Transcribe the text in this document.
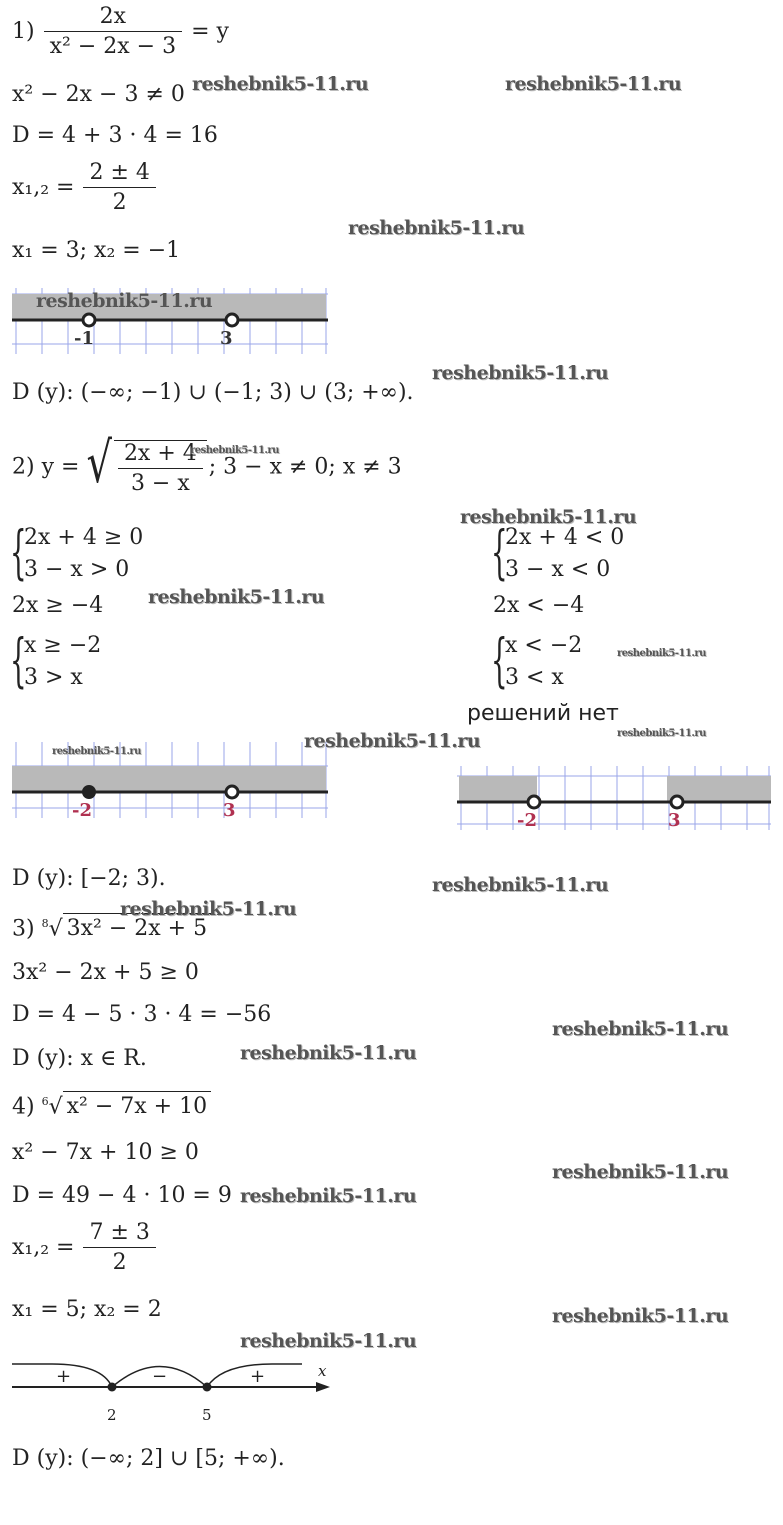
$1) \frac{2x}{\text{x² − 2x − 3}} = y$
x² − 2x − 3 ≠ 0
D = 4 + 3 · 4 = 16
$x_1,_2 = \frac{2 \pm 4}{2}$
x₁ = 3; x₂ = −1
-1	3
D (y): (−∞; −1) ∪ (−1; 3) ∪ (3; +∞).
2) y = √ $\frac{2x + 4}{3 - x}$ ; 3 − x ≠ 0; x ≠ 3
{
2x + 4 ≥ 0
3 − x > 0
2x ≥ −4
{
x ≥ −2
3 > x
{
2x + 4 < 0
3 − x < 0
2x < −4
{
x < −2
3 < x
решений нет
-2	3	-2	3
D (y): [−2; 3).
3) $^8$√ 3x² − 2x + 5
3x² − 2x + 5 ≥ 0
D = 4 − 5 · 3 · 4 = −56
D (y): x ∈ R.
4) $^6$√ x² − 7x + 10
x² − 7x + 10 ≥ 0
D = 49 − 4 · 10 = 9
$x_1,_2 = \frac{7 \pm 3}{2}$
x₁ = 5; x₂ = 2
+	−	+	x
2	5
D (y): (−∞; 2] ∪ [5; +∞).
reshebnik5-11.ru	reshebnik5-11.ru
reshebnik5-11.ru
reshebnik5-11.ru
reshebnik5-11.ru
reshebnik5-11.ru
reshebnik5-11.ru
reshebnik5-11.ru
reshebnik5-11.ru
reshebnik5-11.ru
reshebnik5-11.ru
reshebnik5-11.ru
reshebnik5-11.ru
reshebnik5-11.ru
reshebnik5-11.ru
reshebnik5-11.ru
reshebnik5-11.ru
reshebnik5-11.ru
reshebnik5-11.ru
reshebnik5-11.ru
